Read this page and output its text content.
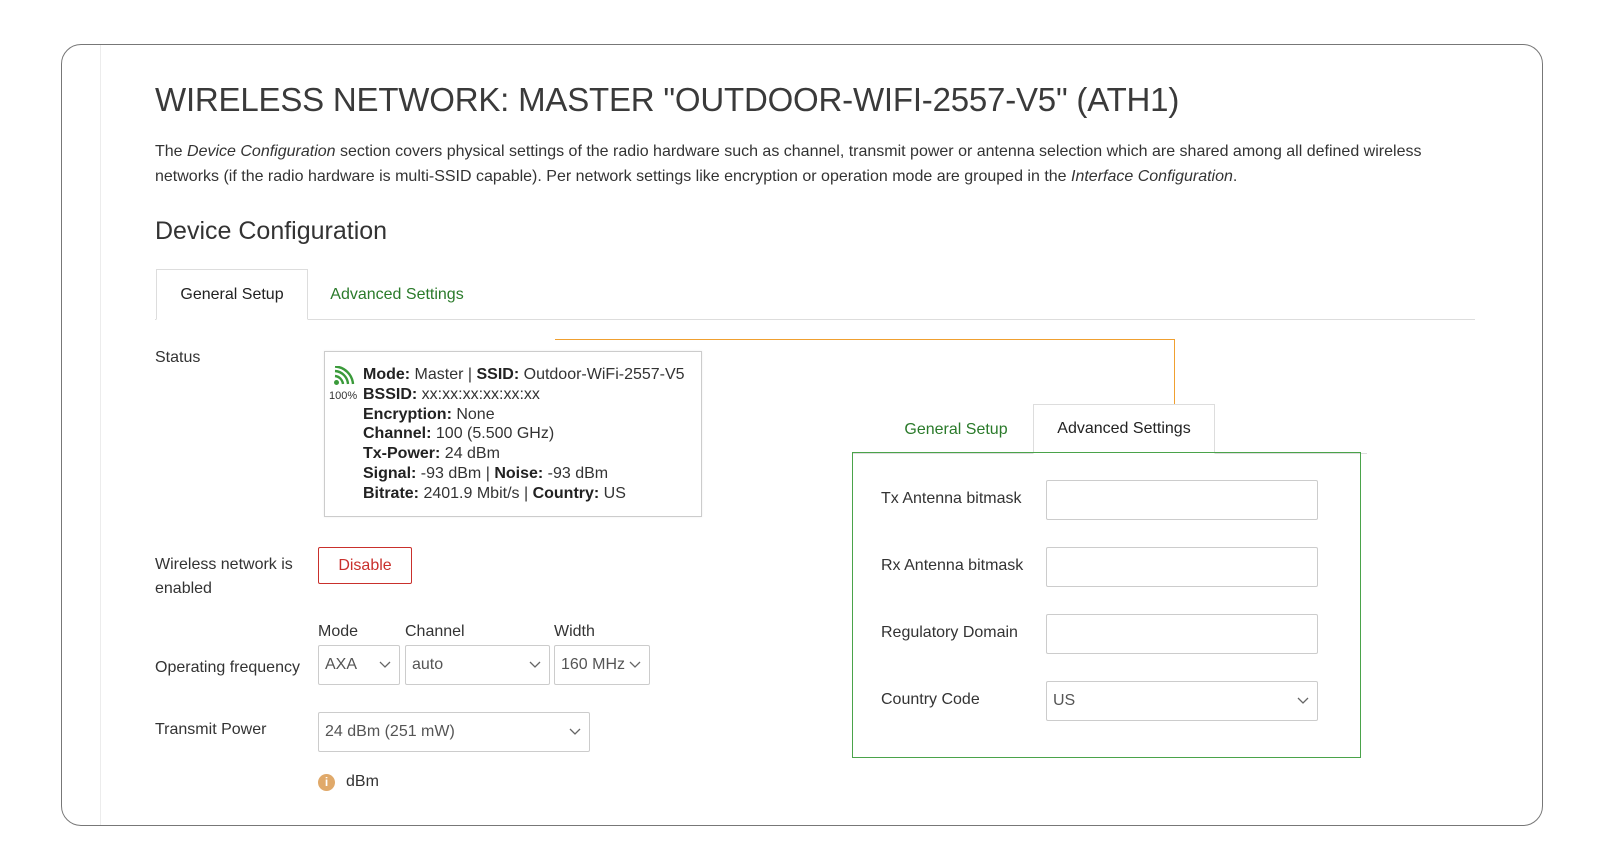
WIRELESS NETWORK: MASTER "OUTDOOR-WIFI-2557-V5" (ATH1)
The Device Configuration section covers physical settings of the radio hardware such as channel, transmit power or antenna selection which are shared among all defined wireless networks (if the radio hardware is multi-SSID capable). Per network settings like encryption or operation mode are grouped in the Interface Configuration.
Device Configuration
General Setup	Advanced Settings
Status
100%
Mode: Master | SSID: Outdoor-WiFi-2557-V5
BSSID: xx:xx:xx:xx:xx:xx
Encryption: None
Channel: 100 (5.500 GHz)
Tx-Power: 24 dBm
Signal: -93 dBm | Noise: -93 dBm
Bitrate: 2401.9 Mbit/s | Country: US
Wireless network is
enabled
Disable
Mode	Channel	Width
Operating frequency AXA	auto	160 MHz
Transmit Power	24 dBm (251 mW)
i	dBm
General Setup	Advanced Settings
Tx Antenna bitmask
Rx Antenna bitmask
Regulatory Domain
Country Code	US
